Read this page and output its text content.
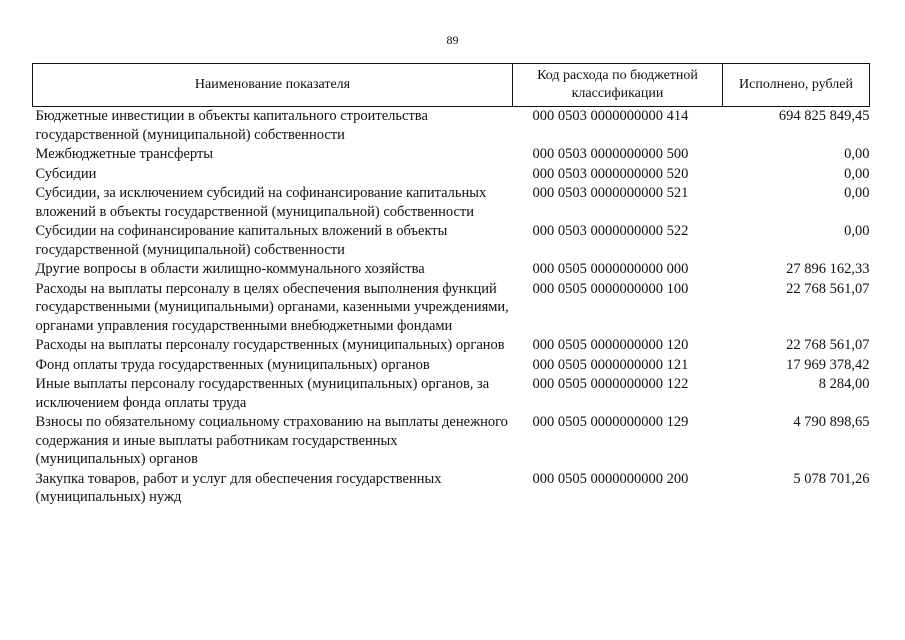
89
Наименование показателя	Код расхода по бюджетной классификации	Исполнено, рублей
Бюджетные инвестиции в объекты капитального строительства государственной (муниципальной) собственности	000 0503 0000000000 414	694 825 849,45
Межбюджетные трансферты	000 0503 0000000000 500	0,00
Субсидии	000 0503 0000000000 520	0,00
Субсидии, за исключением субсидий на софинансирование капитальных вложений в объекты государственной (муниципальной) собственности	000 0503 0000000000 521	0,00
Субсидии на софинансирование капитальных вложений в объекты государственной (муниципальной) собственности	000 0503 0000000000 522	0,00
Другие вопросы в области жилищно-коммунального хозяйства	000 0505 0000000000 000	27 896 162,33
Расходы на выплаты персоналу в целях обеспечения выполнения функций государственными (муниципальными) органами, казенными учреждениями, органами управления государственными внебюджетными фондами	000 0505 0000000000 100	22 768 561,07
Расходы на выплаты персоналу государственных (муниципальных) органов	000 0505 0000000000 120	22 768 561,07
Фонд оплаты труда государственных (муниципальных) органов	000 0505 0000000000 121	17 969 378,42
Иные выплаты персоналу государственных (муниципальных) органов, за исключением фонда оплаты труда	000 0505 0000000000 122	8 284,00
Взносы по обязательному социальному страхованию на выплаты денежного содержания и иные выплаты работникам государственных (муниципальных) органов	000 0505 0000000000 129	4 790 898,65
Закупка товаров, работ и услуг для обеспечения государственных (муниципальных) нужд	000 0505 0000000000 200	5 078 701,26
